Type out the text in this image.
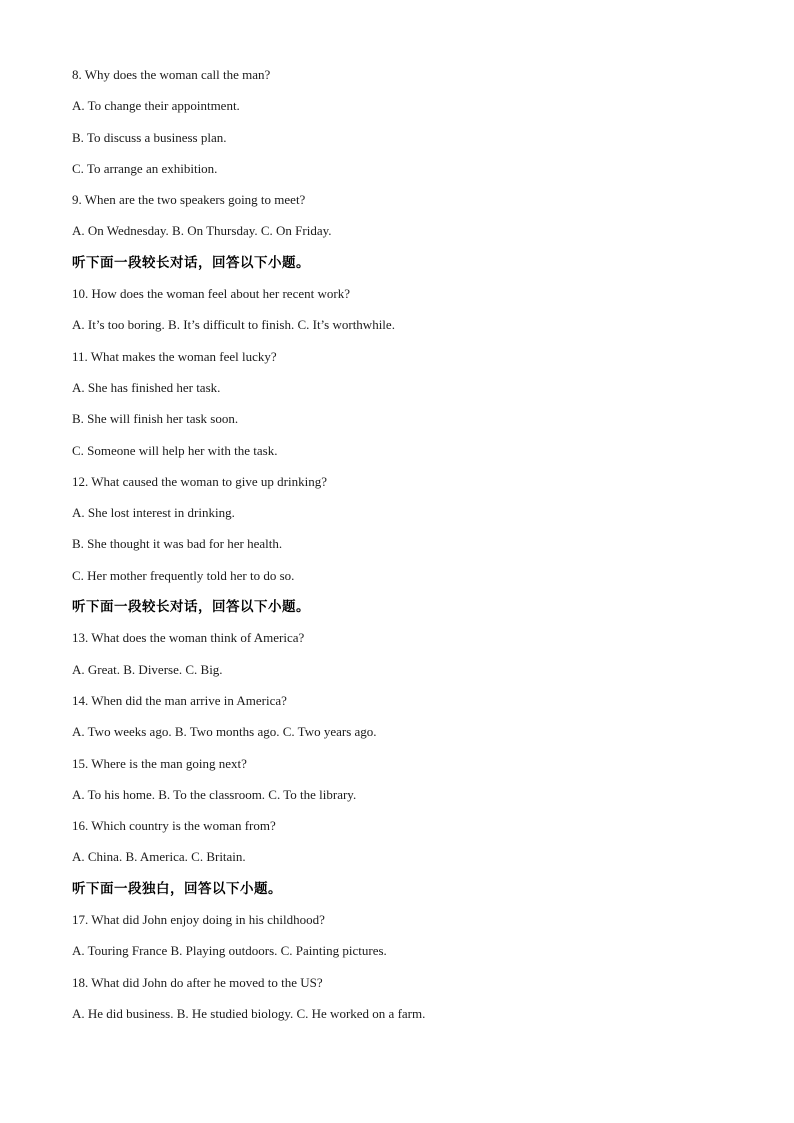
8. Why does the woman call the man?
A. To change their appointment.
B. To discuss a business plan.
C. To arrange an exhibition.
9. When are the two speakers going to meet?
A. On Wednesday. B. On Thursday. C. On Friday.
听下面一段较长对话，回答以下小题。
10. How does the woman feel about her recent work?
A. It’s too boring. B. It’s difficult to finish. C. It’s worthwhile.
11. What makes the woman feel lucky?
A. She has finished her task.
B. She will finish her task soon.
C. Someone will help her with the task.
12. What caused the woman to give up drinking?
A. She lost interest in drinking.
B. She thought it was bad for her health.
C. Her mother frequently told her to do so.
听下面一段较长对话，回答以下小题。
13. What does the woman think of America?
A. Great. B. Diverse. C. Big.
14. When did the man arrive in America?
A. Two weeks ago. B. Two months ago. C. Two years ago.
15. Where is the man going next?
A. To his home. B. To the classroom. C. To the library.
16. Which country is the woman from?
A. China. B. America. C. Britain.
听下面一段独白，回答以下小题。
17. What did John enjoy doing in his childhood?
A. Touring France B. Playing outdoors. C. Painting pictures.
18. What did John do after he moved to the US?
A. He did business. B. He studied biology. C. He worked on a farm.
